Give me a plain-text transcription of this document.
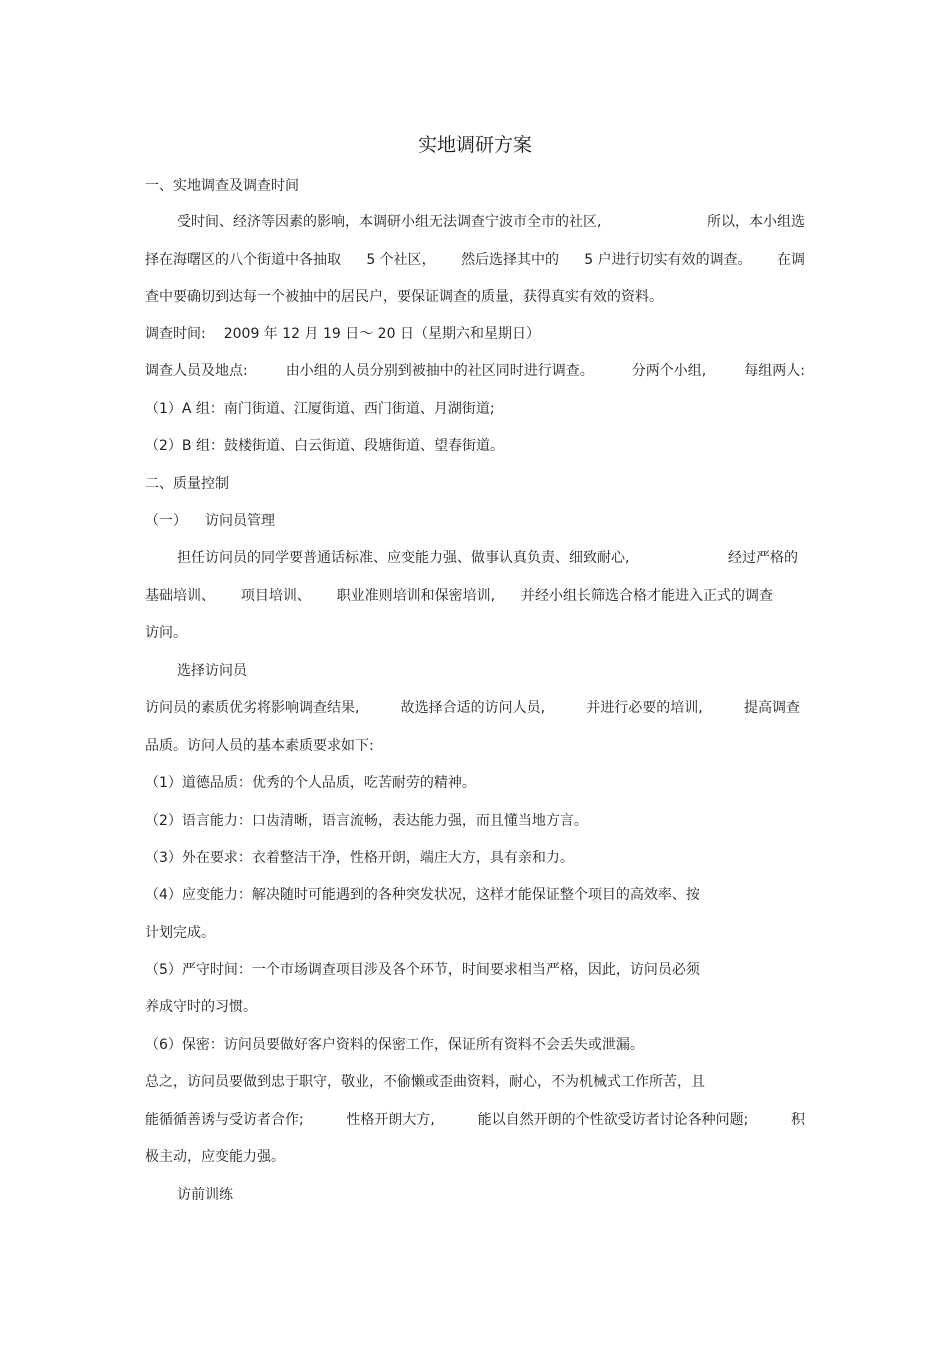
实地调研方案
一、实地调查及调查时间
受时间、经济等因素的影响，本调研小组无法调查宁波市全市的社区,	所以，本小组选
择在海曙区的八个街道中各抽取 5 个社区， 然后选择其中的 5 户进行切实有效的调查。 在调
查中要确切到达每一个被抽中的居民户，要保证调查的质量，获得真实有效的资料。
调查时间: 2009 年 12 月 19 日～ 20 日（星期六和星期日）
调查人员及地点:	由小组的人员分别到被抽中的社区同时进行调查。	分两个小组,	每组两人:
（1）A 组：南门街道、江厦街道、西门街道、月湖街道;
（2）B 组：鼓楼街道、白云街道、段塘街道、望春街道。
二、质量控制
（一） 访问员管理
担任访问员的同学要普通话标准、应变能力强、做事认真负责、细致耐心,	经过严格的
基础培训、 项目培训、 职业准则培训和保密培训, 并经小组长筛选合格才能进入正式的调查
访问。
选择访问员
访问员的素质优劣将影响调查结果,	故选择合适的访问人员,	并进行必要的培训,	提高调查
品质。访问人员的基本素质要求如下:
（1）道德品质：优秀的个人品质，吃苦耐劳的精神。
（2）语言能力：口齿清晰，语言流畅，表达能力强，而且懂当地方言。
（3）外在要求：衣着整洁干净，性格开朗，端庄大方，具有亲和力。
（4）应变能力：解决随时可能遇到的各种突发状况，这样才能保证整个项目的高效率、按
计划完成。
（5）严守时间：一个市场调查项目涉及各个环节，时间要求相当严格，因此，访问员必须
养成守时的习惯。
（6）保密：访问员要做好客户资料的保密工作，保证所有资料不会丢失或泄漏。
总之，访问员要做到忠于职守，敬业，不偷懒或歪曲资料，耐心，不为机械式工作所苦，且
能循循善诱与受访者合作;	性格开朗大方,	能以自然开朗的个性欲受访者讨论各种问题;	积
极主动，应变能力强。
访前训练
